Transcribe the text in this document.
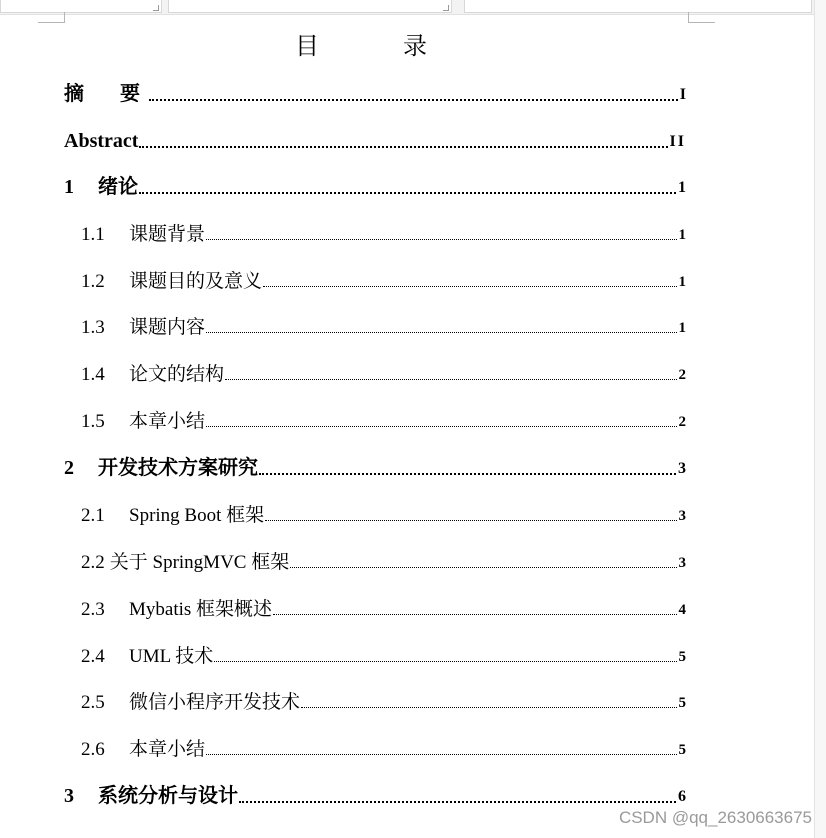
目　录
摘　要	I
Abstract	II
1 绪论	1
1.1 课题背景	1
1.2 课题目的及意义	1
1.3 课题内容	1
1.4 论文的结构	2
1.5 本章小结	2
2 开发技术方案研究	3
2.1 Spring Boot 框架	3
2.2 关于 SpringMVC 框架	3
2.3 Mybatis 框架概述	4
2.4 UML 技术	5
2.5 微信小程序开发技术	5
2.6 本章小结	5
3 系统分析与设计	6
CSDN @qq_2630663675
